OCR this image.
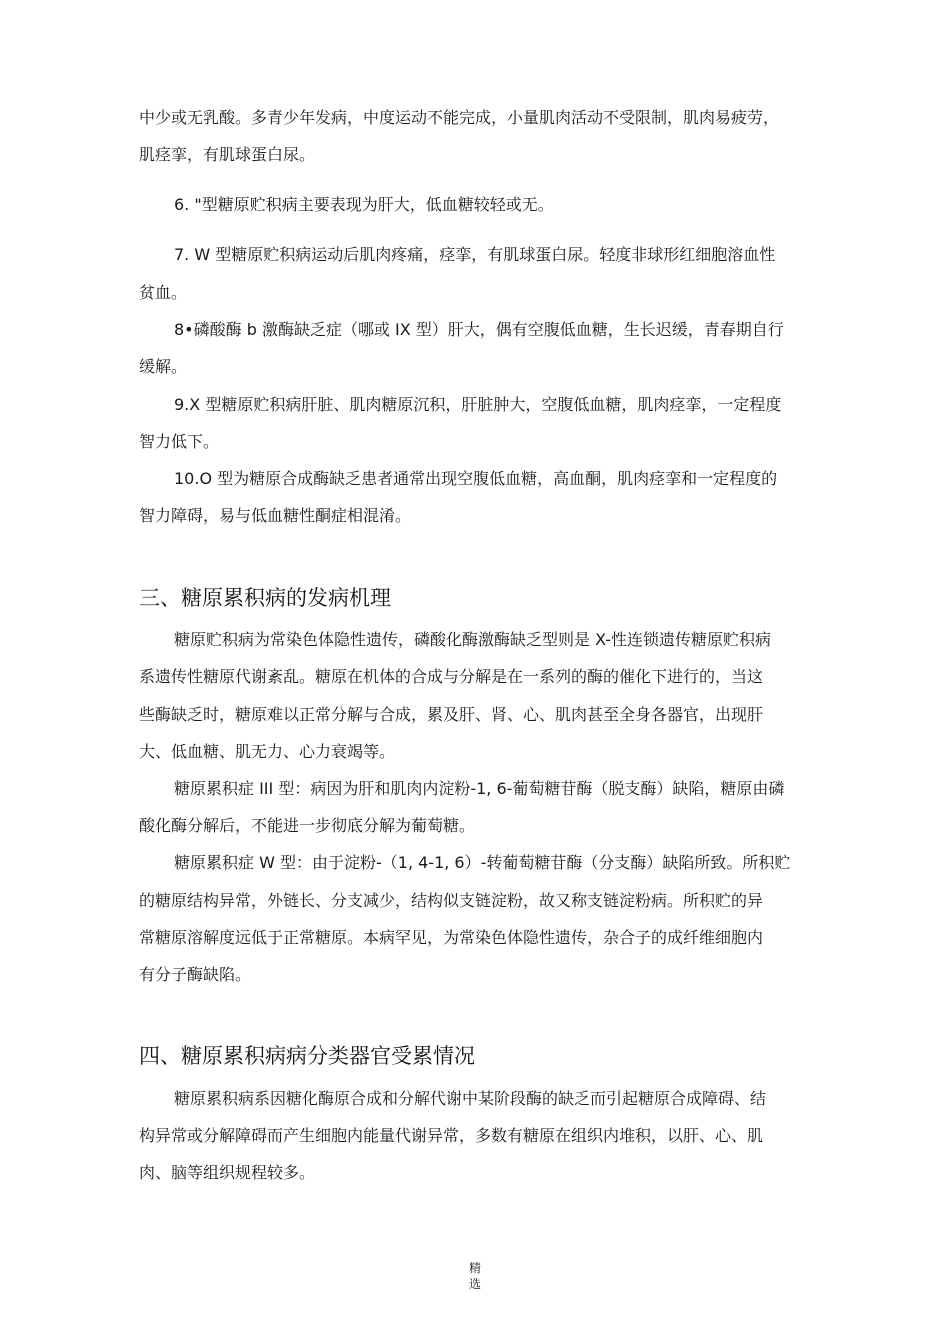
中少或无乳酸。多青少年发病，中度运动不能完成，小量肌肉活动不受限制，肌肉易疲劳，
肌痉挛，有肌球蛋白尿。
6. "型糖原贮积病主要表现为肝大，低血糖较轻或无。
7. W 型糖原贮积病运动后肌肉疼痛，痉挛，有肌球蛋白尿。轻度非球形红细胞溶血性
贫血。
8•磷酸酶 b 激酶缺乏症（哪或 IX 型）肝大，偶有空腹低血糖，生长迟缓，青春期自行
缓解。
9.X 型糖原贮积病肝脏、肌肉糖原沉积，肝脏肿大，空腹低血糖，肌肉痉挛，一定程度
智力低下。
10.O 型为糖原合成酶缺乏患者通常出现空腹低血糖，高血酮，肌肉痉挛和一定程度的
智力障碍，易与低血糖性酮症相混淆。
三、糖原累积病的发病机理
糖原贮积病为常染色体隐性遗传，磷酸化酶激酶缺乏型则是 X-性连锁遗传糖原贮积病
系遗传性糖原代谢紊乱。糖原在机体的合成与分解是在一系列的酶的催化下进行的，当这
些酶缺乏时，糖原难以正常分解与合成，累及肝、肾、心、肌肉甚至全身各器官，出现肝
大、低血糖、肌无力、心力衰竭等。
糖原累积症 III 型：病因为肝和肌肉内淀粉-1, 6-葡萄糖苷酶（脱支酶）缺陷，糖原由磷
酸化酶分解后，不能进一步彻底分解为葡萄糖。
糖原累积症 W 型：由于淀粉-（1, 4-1, 6）-转葡萄糖苷酶（分支酶）缺陷所致。所积贮
的糖原结构异常，外链长、分支减少，结构似支链淀粉，故又称支链淀粉病。所积贮的异
常糖原溶解度远低于正常糖原。本病罕见，为常染色体隐性遗传，杂合子的成纤维细胞内
有分子酶缺陷。
四、糖原累积病病分类器官受累情况
糖原累积病系因糖化酶原合成和分解代谢中某阶段酶的缺乏而引起糖原合成障碍、结
构异常或分解障碍而产生细胞内能量代谢异常，多数有糖原在组织内堆积，以肝、心、肌
肉、脑等组织规程较多。
精
选
